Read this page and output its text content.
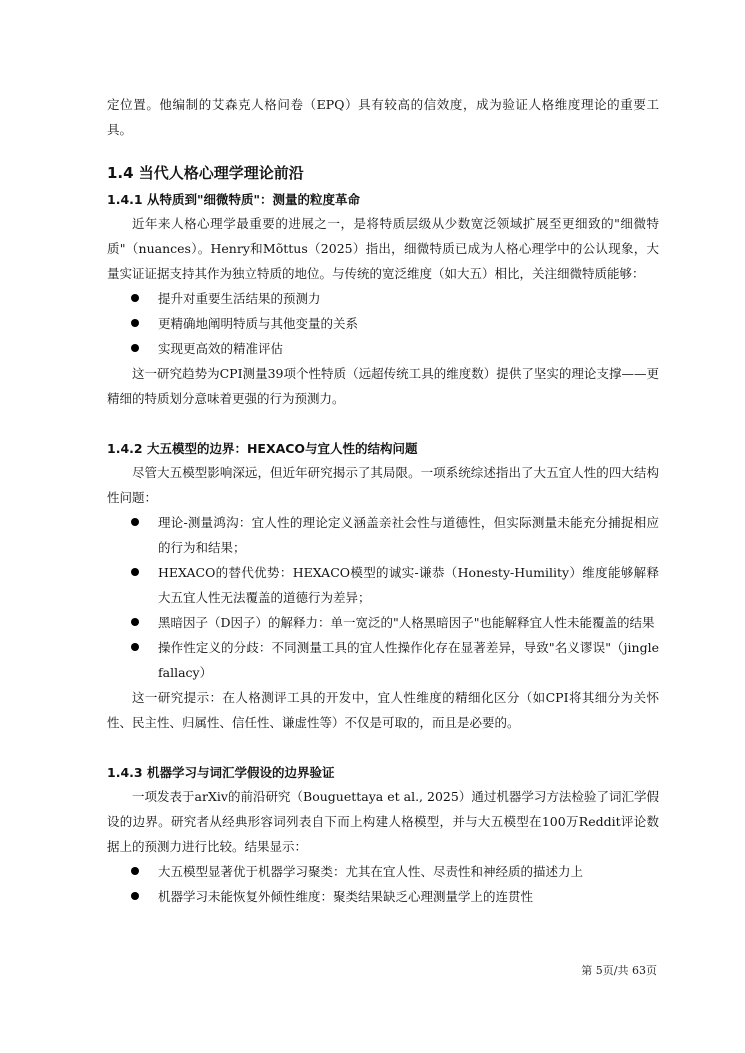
定位置。他编制的艾森克人格问卷（EPQ）具有较高的信效度，成为验证人格维度理论的重要工具。

1.4 当代人格心理学理论前沿
1.4.1 从特质到"细微特质"：测量的粒度革命

近年来人格心理学最重要的进展之一，是将特质层级从少数宽泛领域扩展至更细致的"细微特质"（nuances）。Henry和Mõttus（2025）指出，细微特质已成为人格心理学中的公认现象，大量实证证据支持其作为独立特质的地位。与传统的宽泛维度（如大五）相比，关注细微特质能够：

提升对重要生活结果的预测力
更精确地阐明特质与其他变量的关系
实现更高效的精准评估

这一研究趋势为CPI测量39项个性特质（远超传统工具的维度数）提供了坚实的理论支撑——更精细的特质划分意味着更强的行为预测力。

1.4.2 大五模型的边界：HEXACO与宜人性的结构问题

尽管大五模型影响深远，但近年研究揭示了其局限。一项系统综述指出了大五宜人性的四大结构性问题：

理论-测量鸿沟：宜人性的理论定义涵盖亲社会性与道德性，但实际测量未能充分捕捉相应的行为和结果；
HEXACO的替代优势：HEXACO模型的诚实-谦恭（Honesty-Humility）维度能够解释大五宜人性无法覆盖的道德行为差异；
黑暗因子（D因子）的解释力：单一宽泛的"人格黑暗因子"也能解释宜人性未能覆盖的结果
操作性定义的分歧：不同测量工具的宜人性操作化存在显著差异，导致"名义谬误"（jingle fallacy）

这一研究提示：在人格测评工具的开发中，宜人性维度的精细化区分（如CPI将其细分为关怀性、民主性、归属性、信任性、谦虚性等）不仅是可取的，而且是必要的。

1.4.3 机器学习与词汇学假设的边界验证

一项发表于arXiv的前沿研究（Bouguettaya et al., 2025）通过机器学习方法检验了词汇学假设的边界。研究者从经典形容词列表自下而上构建人格模型，并与大五模型在100万Reddit评论数据上的预测力进行比较。结果显示：

大五模型显著优于机器学习聚类：尤其在宜人性、尽责性和神经质的描述力上
机器学习未能恢复外倾性维度：聚类结果缺乏心理测量学上的连贯性
第 5页/共 63页
